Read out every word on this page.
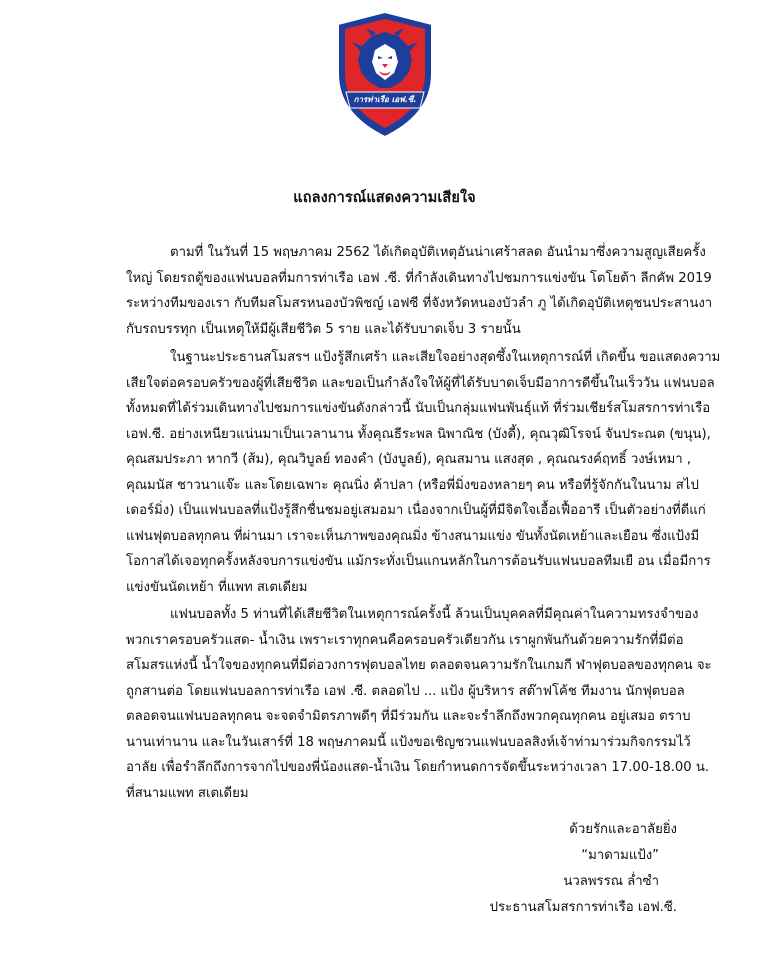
การท่าเรือ เอฟ.ซี.
แถลงการณ์แสดงความเสียใจ
ตามที่ ในวันที่ 15 พฤษภาคม 2562 ได้เกิดอุบัติเหตุอันน่าเศร้าสลด อันนำมาซึ่งความสูญเสียครั้ง
ใหญ่ โดยรถตู้ของแฟนบอลที่มการท่าเรือ เอฟ .ซี. ที่กำลังเดินทางไปชมการแข่งขัน โตโยต้า ลีกคัพ 2019
ระหว่างทีมของเรา กับทีมสโมสรหนองบัวพิชญ์ เอฟซี ที่จังหวัดหนองบัวลำ ภู ได้เกิดอุบัติเหตุชนประสานงา
กับรถบรรทุก เป็นเหตุให้มีผู้เสียชีวิต 5 ราย และได้รับบาดเจ็บ 3 รายนั้น
ในฐานะประธานสโมสรฯ แป้งรู้สึกเศร้า และเสียใจอย่างสุดซึ้งในเหตุการณ์ที่ เกิดขึ้น ขอแสดงความ
เสียใจต่อครอบครัวของผู้ที่เสียชีวิต และขอเป็นกำลังใจให้ผู้ที่ได้รับบาดเจ็บมีอาการดีขึ้นในเร็ววัน แฟนบอล
ทั้งหมดที่ได้ร่วมเดินทางไปชมการแข่งขันดังกล่าวนี้ นับเป็นกลุ่มแฟนพันธุ์แท้ ที่ร่วมเชียร์สโมสรการท่าเรือ
เอฟ.ซี. อย่างเหนียวแน่นมาเป็นเวลานาน ทั้งคุณธีระพล นิพาณิช (บังดี้), คุณวุฒิโรจน์ จันประณต (ขนุน),
คุณสมประภา หากวี (ส้ม), คุณวิบูลย์ ทองคำ (บังบูลย์), คุณสมาน แสงสุด , คุณณรงค์ฤทธิ์ วงษ์เหมา ,
คุณมนัส ชาวนาแจ๊ะ และโดยเฉพาะ คุณนิ่ง ค้าปลา (หรือพี่มิ่งของหลายๆ คน หรือที่รู้จักกันในนาม สไป
เดอร์มิ่ง) เป็นแฟนบอลที่แป้งรู้สึกชื่นชมอยู่เสมอมา เนื่องจากเป็นผู้ที่มีจิตใจเอื้อเฟื้ออารี เป็นตัวอย่างที่ดีแก่
แฟนฟุตบอลทุกคน ที่ผ่านมา เราจะเห็นภาพของคุณมิ่ง ข้างสนามแข่ง ขันทั้งนัดเหย้าและเยือน ซึ่งแป้งมี
โอกาสได้เจอทุกครั้งหลังจบการแข่งขัน แม้กระทั่งเป็นแกนหลักในการต้อนรับแฟนบอลทีมเยื อน เมื่อมีการ
แข่งขันนัดเหย้า ที่แพท สเตเดียม
แฟนบอลทั้ง 5 ท่านที่ได้เสียชีวิตในเหตุการณ์ครั้งนี้ ล้วนเป็นบุคคลที่มีคุณค่าในความทรงจำของ
พวกเราครอบครัวแสด- น้ำเงิน เพราะเราทุกคนคือครอบครัวเดียวกัน เราผูกพันกันด้วยความรักที่มีต่อ
สโมสรแห่งนี้ น้ำใจของทุกคนที่มีต่อวงการฟุตบอลไทย ตลอดจนความรักในเกมกี ฬาฟุตบอลของทุกคน จะ
ถูกสานต่อ โดยแฟนบอลการท่าเรือ เอฟ .ซี. ตลอดไป ... แป้ง ผู้บริหาร สต๊าฟโค้ช ทีมงาน นักฟุตบอล
ตลอดจนแฟนบอลทุกคน จะจดจำมิตรภาพดีๆ ที่มีร่วมกัน และจะรำลึกถึงพวกคุณทุกคน อยู่เสมอ ตราบ
นานเท่านาน และในวันเสาร์ที่ 18 พฤษภาคมนี้ แป้งขอเชิญชวนแฟนบอลสิงห์เจ้าท่ามาร่วมกิจกรรมไว้
อาลัย เพื่อรำลึกถึงการจากไปของพี่น้องแสด-น้ำเงิน โดยกำหนดการจัดขึ้นระหว่างเวลา 17.00-18.00 น.
ที่สนามแพท สเตเดียม
ด้วยรักและอาลัยยิ่ง
“มาดามแป้ง”
นวลพรรณ ล่ำซำ
ประธานสโมสรการท่าเรือ เอฟ.ซี.
